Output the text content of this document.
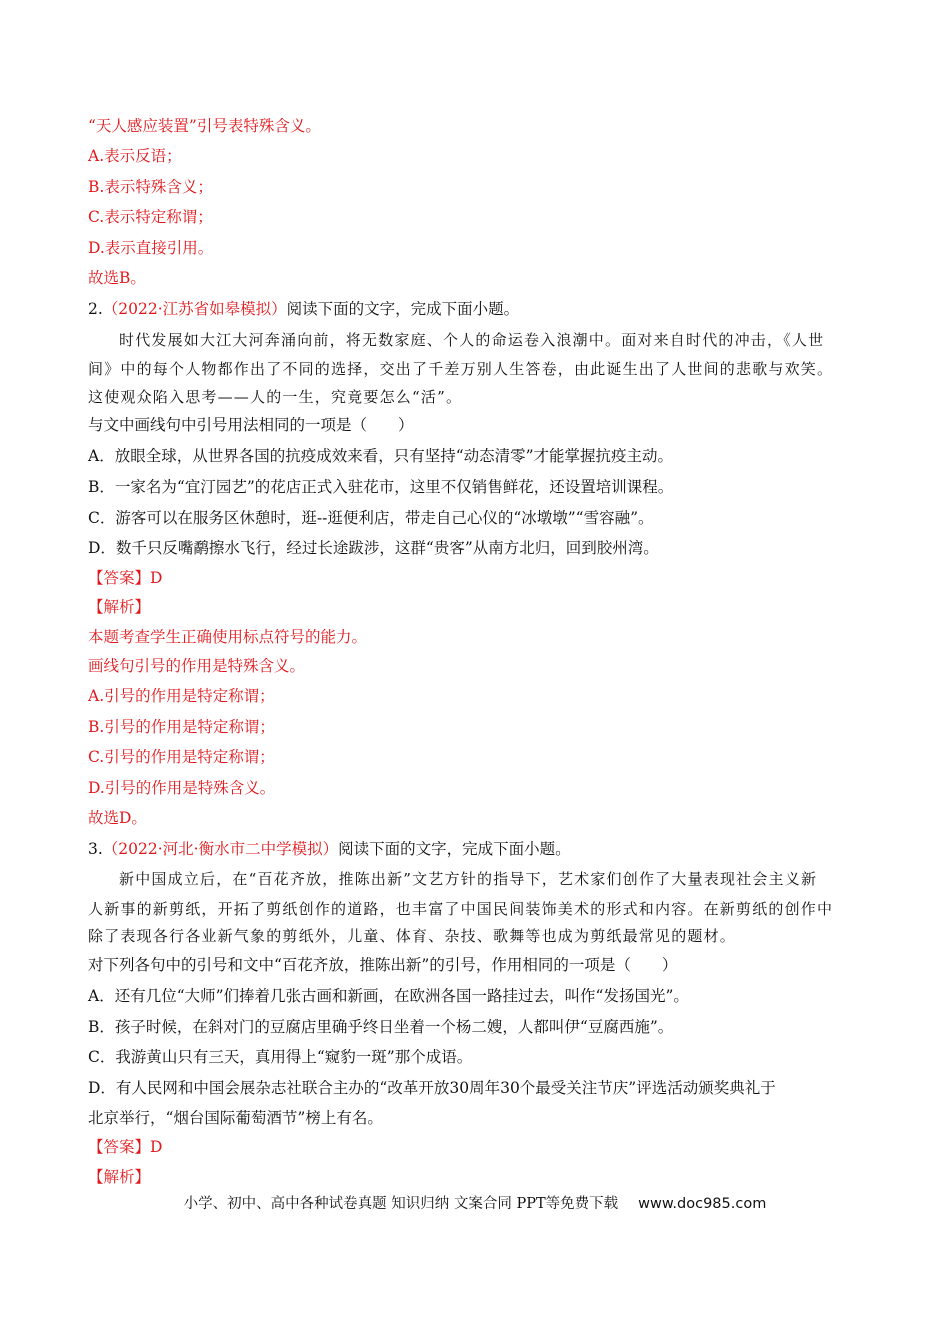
“天人感应装置”引号表特殊含义。
A.表示反语；
B.表示特殊含义；
C.表示特定称谓；
D.表示直接引用。
故选B。
2.（2022·江苏省如皋模拟）阅读下面的文字，完成下面小题。
时代发展如大江大河奔涌向前，将无数家庭、个人的命运卷入浪潮中。面对来自时代的冲击，《人世
间》中的每个人物都作出了不同的选择，交出了千差万别人生答卷，由此诞生出了人世间的悲歌与欢笑。
这使观众陷入思考——人的一生，究竟要怎么“活”。
与文中画线句中引号用法相同的一项是（　　）
A．放眼全球，从世界各国的抗疫成效来看，只有坚持“动态清零”才能掌握抗疫主动。
B．一家名为“宜汀园艺”的花店正式入驻花市，这里不仅销售鲜花，还设置培训课程。
C．游客可以在服务区休憩时，逛--逛便利店，带走自己心仪的“冰墩墩”“雪容融”。
D．数千只反嘴鹬擦水飞行，经过长途跋涉，这群“贵客”从南方北归，回到胶州湾。
【答案】D
【解析】
本题考查学生正确使用标点符号的能力。
画线句引号的作用是特殊含义。
A.引号的作用是特定称谓；
B.引号的作用是特定称谓；
C.引号的作用是特定称谓；
D.引号的作用是特殊含义。
故选D。
3.（2022·河北·衡水市二中学模拟）阅读下面的文字，完成下面小题。
新中国成立后，在“百花齐放，推陈出新”文艺方针的指导下，艺术家们创作了大量表现社会主义新
人新事的新剪纸，开拓了剪纸创作的道路，也丰富了中国民间装饰美术的形式和内容。在新剪纸的创作中
除了表现各行各业新气象的剪纸外，儿童、体育、杂技、歌舞等也成为剪纸最常见的题材。
对下列各句中的引号和文中“百花齐放，推陈出新”的引号，作用相同的一项是（　　）
A．还有几位“大师”们捧着几张古画和新画，在欧洲各国一路挂过去，叫作“发扬国光”。
B．孩子时候，在斜对门的豆腐店里确乎终日坐着一个杨二嫂，人都叫伊“豆腐西施”。
C．我游黄山只有三天，真用得上“窥豹一斑”那个成语。
D．有人民网和中国会展杂志社联合主办的“改革开放30周年30个最受关注节庆”评选活动颁奖典礼于
北京举行，“烟台国际葡萄酒节”榜上有名。
【答案】D
【解析】
小学、初中、高中各种试卷真题 知识归纳 文案合同 PPT等免费下载 www.doc985.com
